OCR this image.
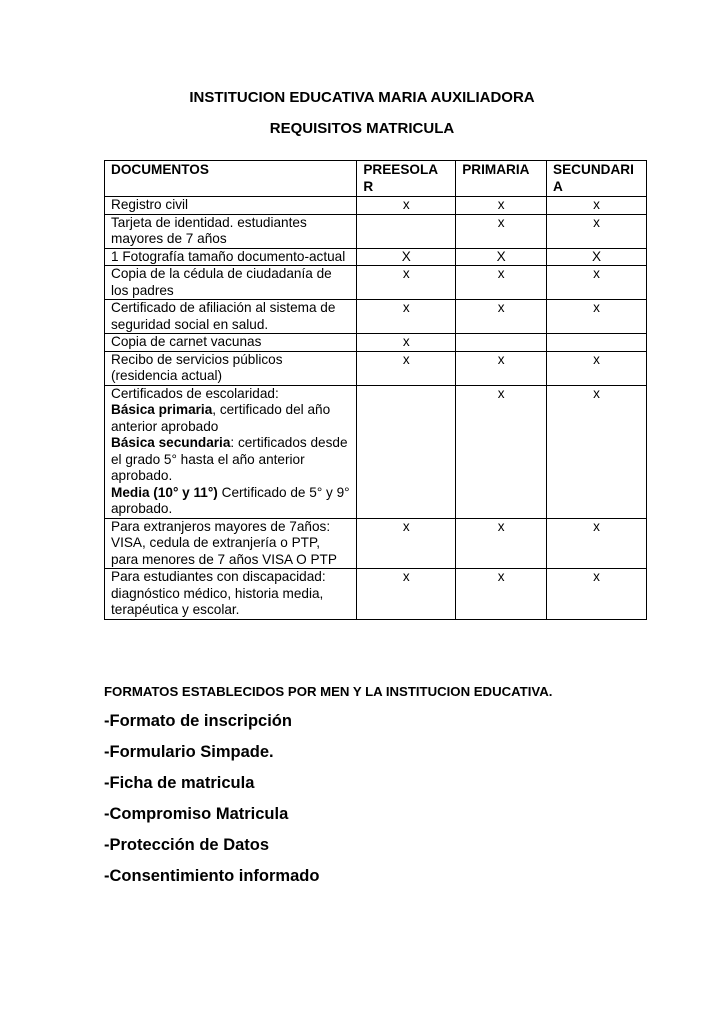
INSTITUCION EDUCATIVA MARIA AUXILIADORA
REQUISITOS MATRICULA
DOCUMENTOS	PREESOLA R	PRIMARIA	SECUNDARI A
Registro civil	x	x	x
Tarjeta de identidad. estudiantes mayores de 7 años		x	x
1 Fotografía tamaño documento-actual	X	X	X
Copia de la cédula de ciudadanía de los padres	x	x	x
Certificado de afiliación al sistema de seguridad social en salud.	x	x	x
Copia de carnet vacunas	x		
Recibo de servicios públicos (residencia actual)	x	x	x
Certificados de escolaridad:
Básica primaria, certificado del año anterior aprobado
Básica secundaria: certificados desde el grado 5° hasta el año anterior aprobado.
Media (10° y 11°) Certificado de 5° y 9° aprobado.		x	x
Para extranjeros mayores de 7años: VISA, cedula de extranjería o PTP, para menores de 7 años VISA O PTP	x	x	x
Para estudiantes con discapacidad: diagnóstico médico, historia media, terapéutica y escolar.	x	x	x
FORMATOS ESTABLECIDOS POR MEN Y LA INSTITUCION EDUCATIVA.
-Formato de inscripción
-Formulario Simpade.
-Ficha de matricula
-Compromiso Matricula
-Protección de Datos
-Consentimiento informado
